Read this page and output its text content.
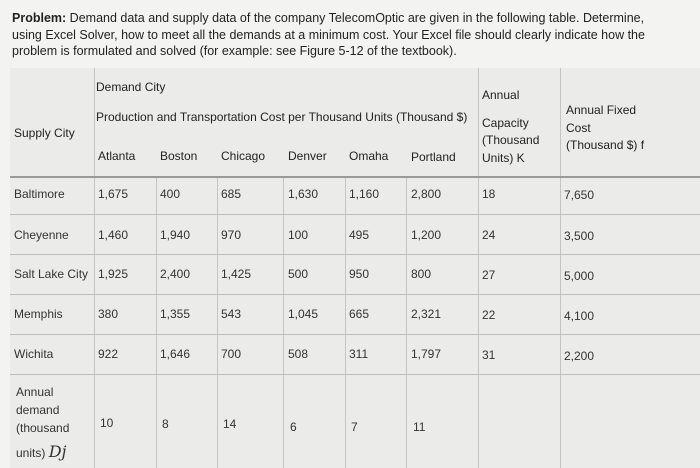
Problem: Demand data and supply data of the company TelecomOptic are given in the following table. Determine, using Excel Solver, how to meet all the demands at a minimum cost. Your Excel file should clearly indicate how the problem is formulated and solved (for example: see Figure 5-12 of the textbook).
Demand City
Production and Transportation Cost per Thousand Units (Thousand $)
Supply City
Annual
Capacity
(Thousand
Units) K
Annual Fixed
Cost
(Thousand $) f
Atlanta Boston Chicago Denver Omaha Portland
Baltimore	1,675	400	685	1,630	1,160	2,800	18	7,650
Cheyenne 1,460	1,940	970	100	495	1,200	24	3,500
Salt Lake City 1,925	2,400	1,425	500	950	800	27	5,000
Memphis	380	1,355	543	1,045	665	2,321	22	4,100
Wichita	922	1,646	700	508	311	1,797	31	2,200
Annual
demand
(thousand
units) Dj
10	8	14	6	7	11
